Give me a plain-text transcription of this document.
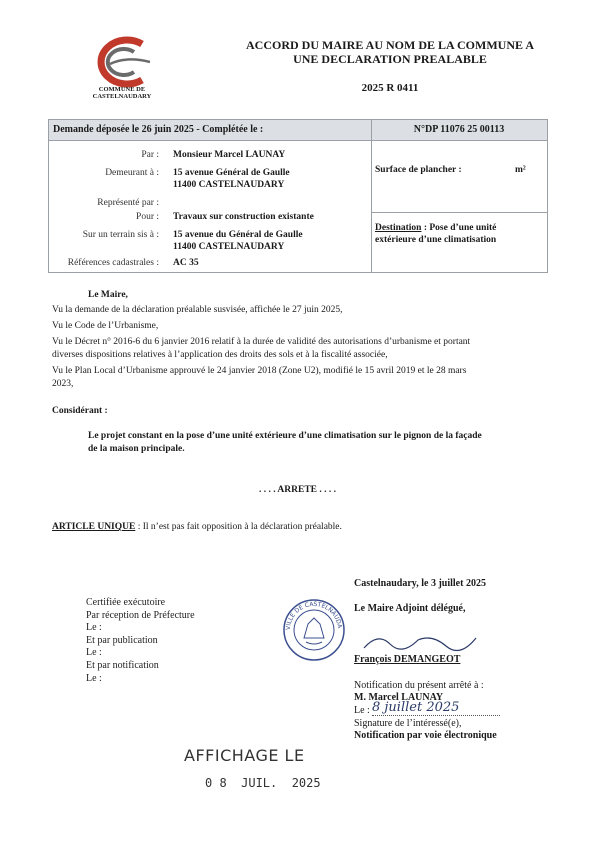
COMMUNE DE
CASTELNAUDARY
ACCORD DU MAIRE AU NOM DE LA COMMUNE A
UNE DECLARATION PREALABLE
2025 R 0411
Demande déposée le 26 juin 2025 - Complétée le :	N°DP 11076 25 00113
Par : Monsieur Marcel LAUNAY
Demeurant à : 15 avenue Général de Gaulle
11400 CASTELNAUDARY
Représenté par :
Pour : Travaux sur construction existante
Sur un terrain sis à : 15 avenue du Général de Gaulle
11400 CASTELNAUDARY
Références cadastrales : AC 35
Surface de plancher :	m²
Destination : Pose d’une unité
extérieure d’une climatisation
Le Maire,
Vu la demande de la déclaration préalable susvisée, affichée le 27 juin 2025,
Vu le Code de l’Urbanisme,
Vu le Décret n° 2016-6 du 6 janvier 2016 relatif à la durée de validité des autorisations d’urbanisme et portant
diverses dispositions relatives à l’application des droits des sols et à la fiscalité associée,
Vu le Plan Local d’Urbanisme approuvé le 24 janvier 2018 (Zone U2), modifié le 15 avril 2019 et le 28 mars
2023,
Considérant :
Le projet constant en la pose d’une unité extérieure d’une climatisation sur le pignon de la façade
de la maison principale.
. . . . ARRETE . . . .
ARTICLE UNIQUE : Il n’est pas fait opposition à la déclaration préalable.
Castelnaudary, le 3 juillet 2025
Le Maire Adjoint délégué,
François DEMANGEOT
VILLE DE CASTELNAUDA
Certifiée exécutoire
Par réception de Préfecture
Le :
Et par publication
Le :
Et par notification
Le :
Notification du présent arrêté à :
M. Marcel LAUNAY
Le : 8 juillet 2025
Signature de l’intéressé(e),
Notification par voie électronique
AFFICHAGE LE
0 8  JUIL.  2025
